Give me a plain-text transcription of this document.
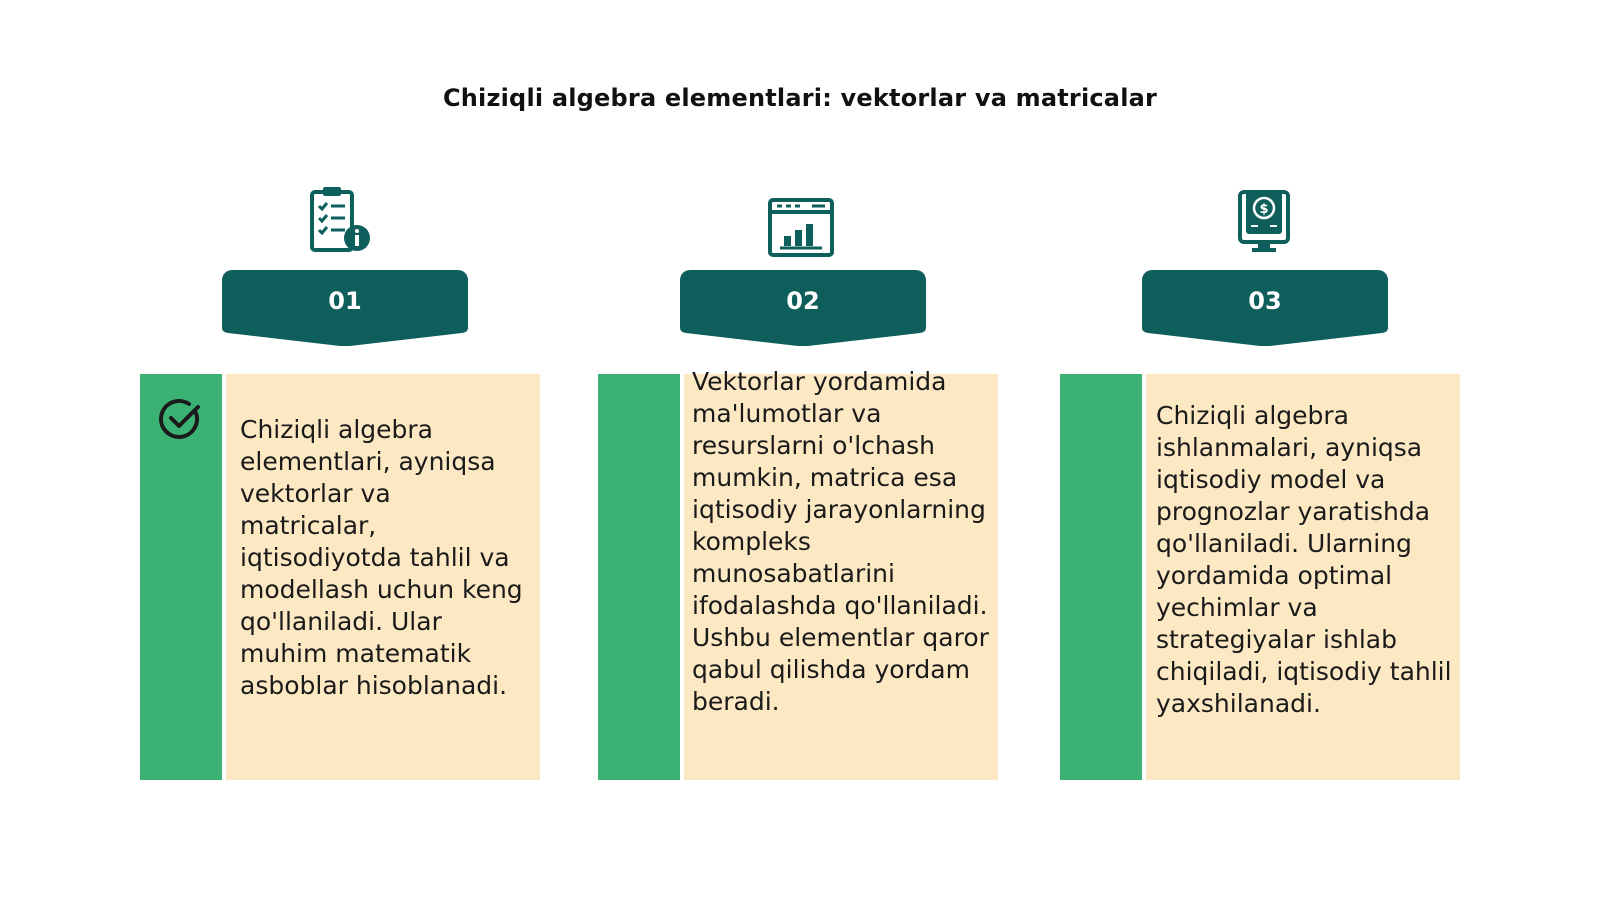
Chiziqli algebra elementlari: vektorlar va matricalar
01
Chiziqli algebra elementlari, ayniqsa vektorlar va matricalar, iqtisodiyotda tahlil va modellash uchun keng qo'llaniladi. Ular muhim matematik asboblar hisoblanadi.
02
Vektorlar yordamida ma'lumotlar va resurslarni o'lchash mumkin, matrica esa iqtisodiy jarayonlarning kompleks munosabatlarini ifodalashda qo'llaniladi. Ushbu elementlar qaror qabul qilishda yordam beradi.
$
03
Chiziqli algebra ishlanmalari, ayniqsa iqtisodiy model va prognozlar yaratishda qo'llaniladi. Ularning yordamida optimal yechimlar va strategiyalar ishlab chiqiladi, iqtisodiy tahlil yaxshilanadi.
